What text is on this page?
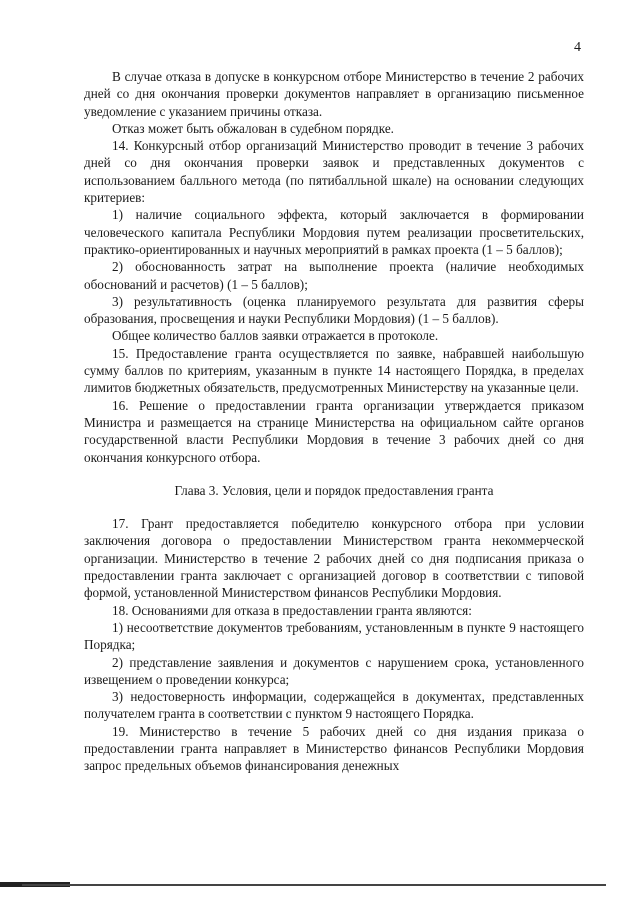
4

В случае отказа в допуске в конкурсном отборе Министерство в течение 2 рабочих дней со дня окончания проверки документов направляет в организацию письменное уведомление с указанием причины отказа.

Отказ может быть обжалован в судебном порядке.

14. Конкурсный отбор организаций Министерство проводит в течение 3 рабочих дней со дня окончания проверки заявок и представленных документов с использованием балльного метода (по пятибалльной шкале) на основании следующих критериев:

1) наличие социального эффекта, который заключается в формировании человеческого капитала Республики Мордовия путем реализации просветительских, практико-ориентированных и научных мероприятий в рамках проекта (1 – 5 баллов);

2) обоснованность затрат на выполнение проекта (наличие необходимых обоснований и расчетов) (1 – 5 баллов);

3) результативность (оценка планируемого результата для развития сферы образования, просвещения и науки Республики Мордовия) (1 – 5 баллов).

Общее количество баллов заявки отражается в протоколе.

15. Предоставление гранта осуществляется по заявке, набравшей наибольшую сумму баллов по критериям, указанным в пункте 14 настоящего Порядка, в пределах лимитов бюджетных обязательств, предусмотренных Министерству на указанные цели.

16. Решение о предоставлении гранта организации утверждается приказом Министра и размещается на странице Министерства на официальном сайте органов государственной власти Республики Мордовия в течение 3 рабочих дней со дня окончания конкурсного отбора.

Глава 3. Условия, цели и порядок предоставления гранта

17. Грант предоставляется победителю конкурсного отбора при условии заключения договора о предоставлении Министерством гранта некоммерческой организации. Министерство в течение 2 рабочих дней со дня подписания приказа о предоставлении гранта заключает с организацией договор в соответствии с типовой формой, установленной Министерством финансов Республики Мордовия.

18. Основаниями для отказа в предоставлении гранта являются:

1) несоответствие документов требованиям, установленным в пункте 9 настоящего Порядка;

2) представление заявления и документов с нарушением срока, установленного извещением о проведении конкурса;

3) недостоверность информации, содержащейся в документах, представленных получателем гранта в соответствии с пунктом 9 настоящего Порядка.

19. Министерство в течение 5 рабочих дней со дня издания приказа о предоставлении гранта направляет в Министерство финансов Республики Мордовия запрос предельных объемов финансирования денежных
